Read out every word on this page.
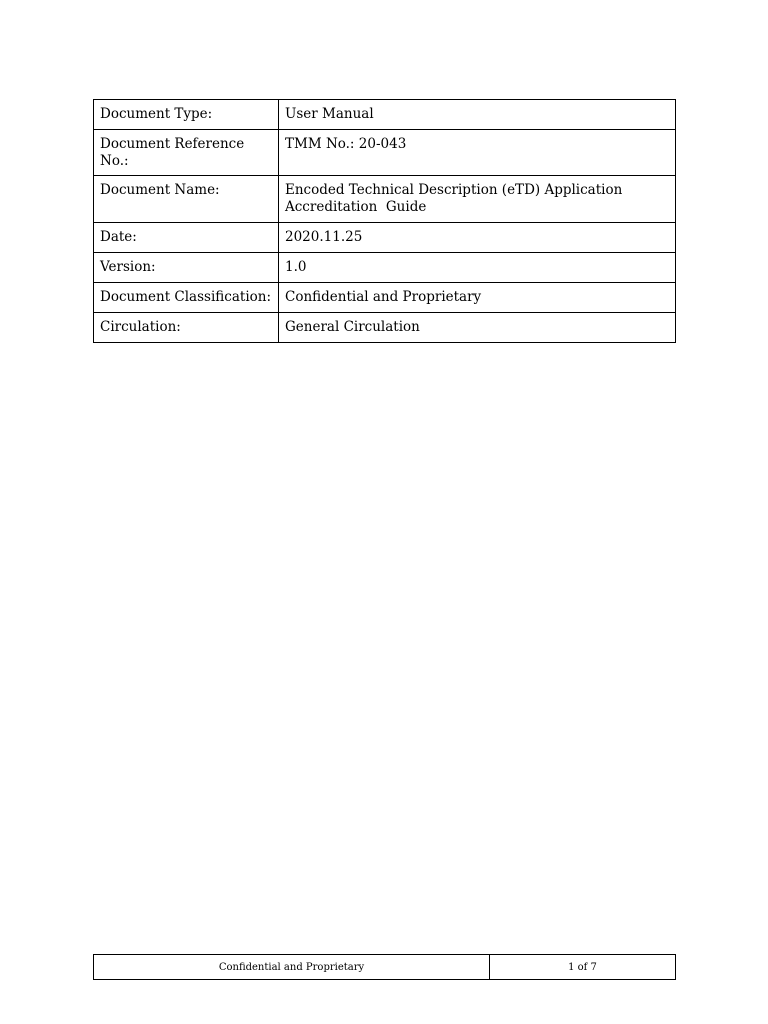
Document Type:	User Manual
Document Reference No.:	TMM No.: 20-043
Document Name:	Encoded Technical Description (eTD) Application Accreditation  Guide
Date:	2020.11.25
Version:	1.0
Document Classification:	Confidential and Proprietary
Circulation:	General Circulation
Confidential and Proprietary	1 of 7
